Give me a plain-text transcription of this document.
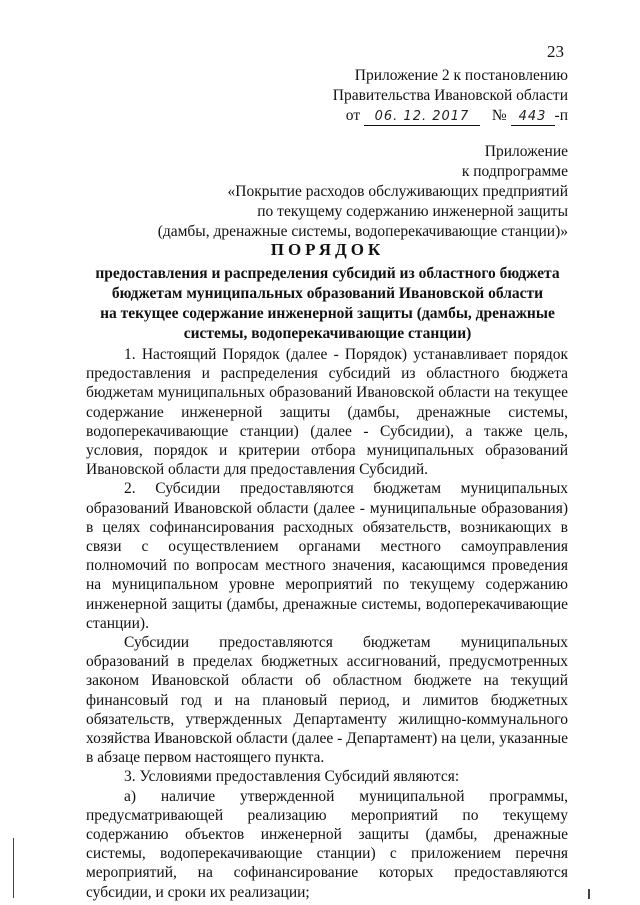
23
Приложение 2 к постановлению
Правительства Ивановской области
от 06. 12. 2017 № 443 -п
Приложение
к подпрограмме
«Покрытие расходов обслуживающих предприятий
по текущему содержанию инженерной защиты
(дамбы, дренажные системы, водоперекачивающие станции)»
ПОРЯДОК
предоставления и распределения субсидий из областного бюджета
бюджетам муниципальных образований Ивановской области
на текущее содержание инженерной защиты (дамбы, дренажные
системы, водоперекачивающие станции)

1. Настоящий Порядок (далее - Порядок) устанавливает порядок предоставления и распределения субсидий из областного бюджета бюджетам муниципальных образований Ивановской области на текущее содержание инженерной защиты (дамбы, дренажные системы, водоперекачивающие станции) (далее - Субсидии), а также цель, условия, порядок и критерии отбора муниципальных образований Ивановской области для предоставления Субсидий.

2. Субсидии предоставляются бюджетам муниципальных образований Ивановской области (далее - муниципальные образования) в целях софинансирования расходных обязательств, возникающих в связи с осуществлением органами местного самоуправления полномочий по вопросам местного значения, касающимся проведения на муниципальном уровне мероприятий по текущему содержанию инженерной защиты (дамбы, дренажные системы, водоперекачивающие станции).

Субсидии предоставляются бюджетам муниципальных образований в пределах бюджетных ассигнований, предусмотренных законом Ивановской области об областном бюджете на текущий финансовый год и на плановый период, и лимитов бюджетных обязательств, утвержденных Департаменту жилищно-коммунального хозяйства Ивановской области (далее - Департамент) на цели, указанные в абзаце первом настоящего пункта.

3. Условиями предоставления Субсидий являются:

а) наличие утвержденной муниципальной программы, предусматривающей реализацию мероприятий по текущему содержанию объектов инженерной защиты (дамбы, дренажные системы, водоперекачивающие станции) с приложением перечня мероприятий, на софинансирование которых предоставляются субсидии, и сроки их реализации;
